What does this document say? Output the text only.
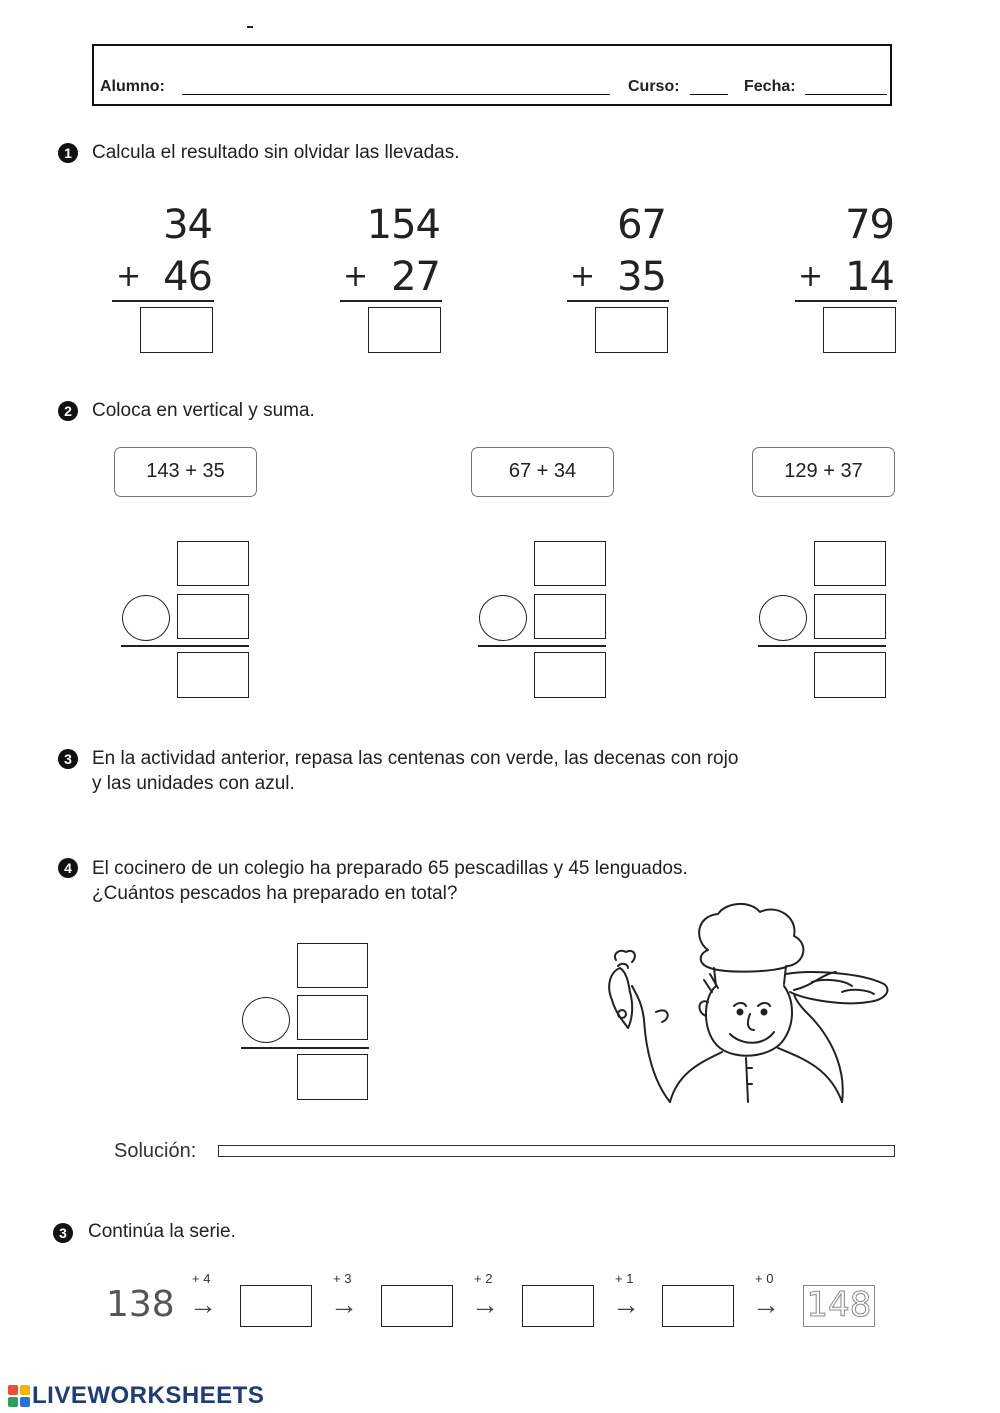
Alumno:	Curso:	Fecha:
1	Calcula el resultado sin olvidar las llevadas.
34
+ 46
154
+ 27
67
+ 35
79
+ 14
2	Coloca en vertical y suma.
143 + 35	67 + 34	129 + 37
3	En la actividad anterior, repasa las centenas con verde, las decenas con rojo
y las unidades con azul.
4	El cocinero de un colegio ha preparado 65 pescadillas y 45 lenguados.
¿Cuántos pescados ha preparado en total?
Solución:
3	Continúa la serie.
138
+ 4
→
+ 3
→
+ 2
→
+ 1
→
+ 0
→ 148
LIVEWORKSHEETS
